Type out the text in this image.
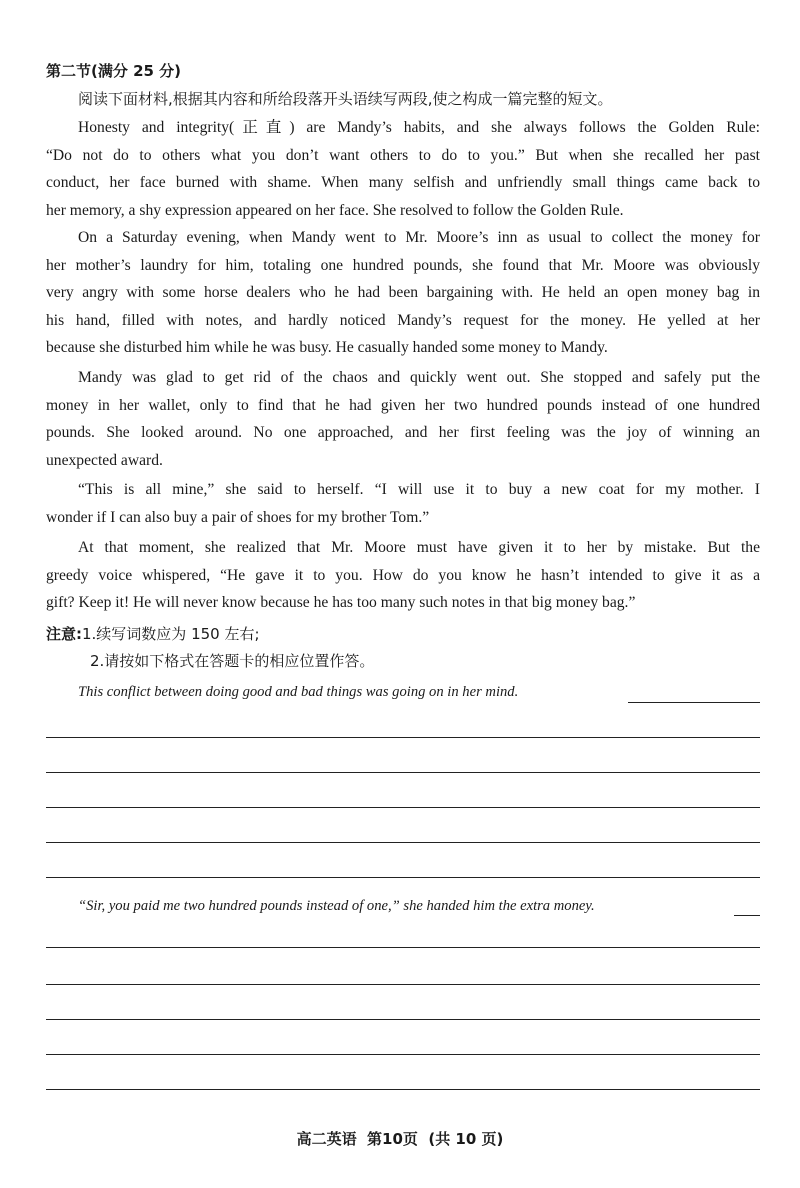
第二节(满分 25 分)
阅读下面材料,根据其内容和所给段落开头语续写两段,使之构成一篇完整的短文。
Honesty and integrity(正直) are Mandy’s habits, and she always follows the Golden Rule:
“Do not do to others what you don’t want others to do to you.” But when she recalled her past
conduct, her face burned with shame. When many selfish and unfriendly small things came back to
her memory, a shy expression appeared on her face. She resolved to follow the Golden Rule.
On a Saturday evening, when Mandy went to Mr. Moore’s inn as usual to collect the money for
her mother’s laundry for him, totaling one hundred pounds, she found that Mr. Moore was obviously
very angry with some horse dealers who he had been bargaining with. He held an open money bag in
his hand, filled with notes, and hardly noticed Mandy’s request for the money. He yelled at her
because she disturbed him while he was busy. He casually handed some money to Mandy.
Mandy was glad to get rid of the chaos and quickly went out. She stopped and safely put the
money in her wallet, only to find that he had given her two hundred pounds instead of one hundred
pounds. She looked around. No one approached, and her first feeling was the joy of winning an
unexpected award.
“This is all mine,” she said to herself. “I will use it to buy a new coat for my mother. I
wonder if I can also buy a pair of shoes for my brother Tom.”
At that moment, she realized that Mr. Moore must have given it to her by mistake. But the
greedy voice whispered, “He gave it to you. How do you know he hasn’t intended to give it as a
gift? Keep it! He will never know because he has too many such notes in that big money bag.”
注意:1.续写词数应为 150 左右;
2.请按如下格式在答题卡的相应位置作答。
This conflict between doing good and bad things was going on in her mind.
“Sir, you paid me two hundred pounds instead of one,” she handed him the extra money.
高二英语  第10页  (共 10 页)
